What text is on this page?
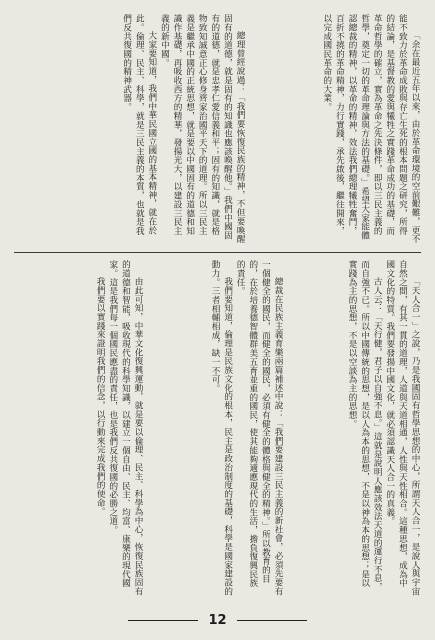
「余在最近五年以來，由於革命環境的空前艱難，更不能不致力於革命成敗與存亡生死的根本問題之研究，所得的結論，是基督教的愛與犧牲之實踐革命成功的基礎，而革命哲學的確立，實為革命之先決條件，即以三民主義的哲學，奠定一切的革命理論與方法的基礎。」希望大家能體認總裁的精神，以革命的精神，效法我們總理犧牲奮鬥，百折不撓的革命精神，力行實踐，承先啟後，繼往開來，以完成國民革命的大業。

總理曾經說過：「我們要恢復民族的精神，不但要喚醒固有的道德，就是固有的知識也應該喚醒他。」我們中國固有的道德，就是忠孝仁愛信義和平；固有的知識，就是格物致知誠意正心修身齊家治國平天下的道理。所以三民主義是繼承中國的正統思想，就是要以中國固有的道德和知識作基礎，再吸收西方的精華，發揚光大，以建設三民主義的新中國。

大家要知道，我們中華民國立國的基本精神，就在於此。倫理、民主、科學，就是三民主義的本質，也就是我們反共復國的精神武器。

「天人合一」之說，乃是我國固有哲學思想的中心，所謂天人合一，是說人與宇宙自然之間，有其一貫的道理，人道與天道相通，人性與天性相合。這種思想，成為中國文化的特質。我們要發揚中國文化，就必須認識天人合一的真義。

古人云：「天行健，君子以自強不息。」這就是說明人應該效法天道的運行不息，而自強不已。所以中國傳統的思想，是以人為本的思想，不是以神為本的思想；是以實踐為主的思想，不是以空談為主的思想。

總裁在民族主義育樂兩篇補述中說：「我們要建設三民主義的新社會，必須先要有一個健全的國民，而健全的國民，必須有健全的體格與健全的精神。」所以教育的目的，在於培養德智體群美五育並重的國民，使其能夠適應現代的生活，擔負復興民族的責任。

我們要知道，倫理是民族文化的根本，民主是政治制度的基礎，科學是國家建設的動力。三者相輔相成，缺一不可。

由此可知，中華文化復興運動，就是要以倫理、民主、科學為中心，恢復民族固有的道德和智能，吸收現代的科學知識，以建立一個自由、民主、均富、康樂的現代國家。這是我們每一個國民應盡的責任，也是我們反共復國的必勝之道。

我們要以實踐來證明我們的信念，以行動來完成我們的使命。

12
